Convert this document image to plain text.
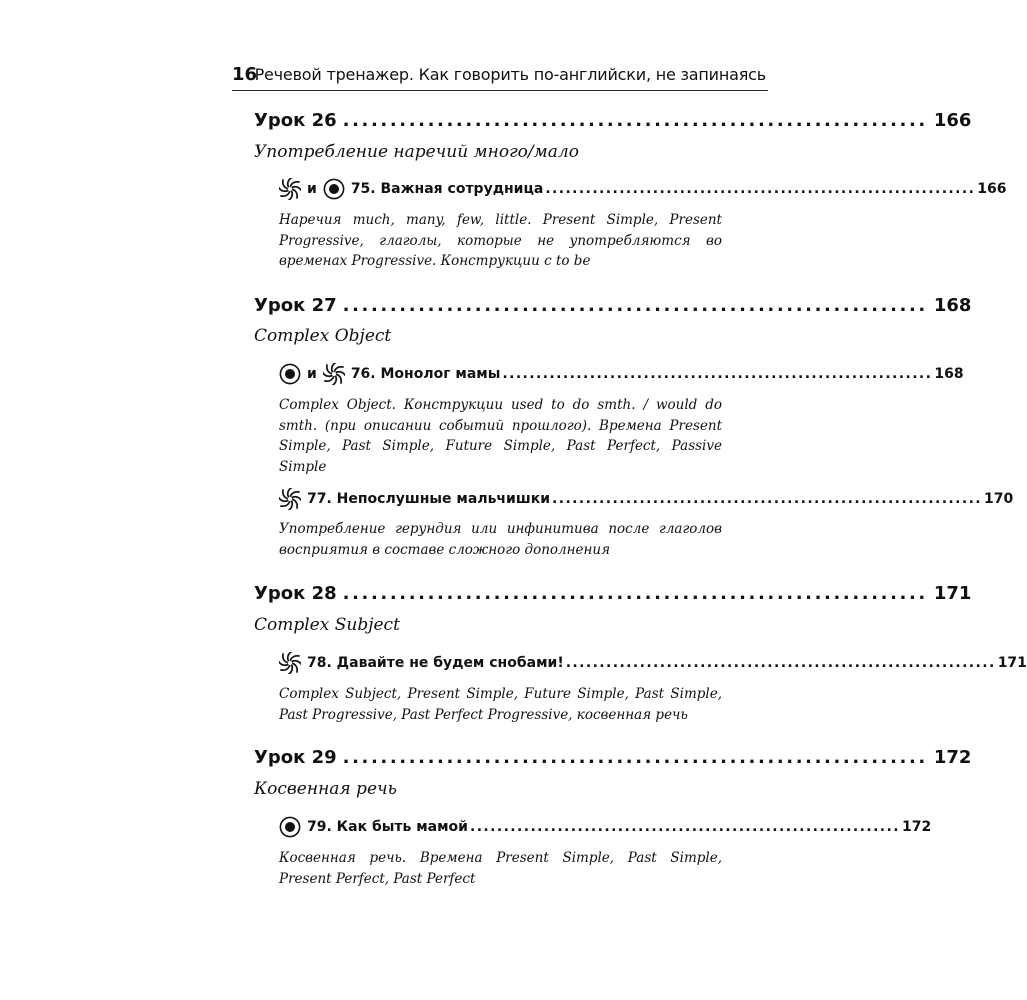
16
Речевой тренажер. Как говорить по-английски, не запинаясь
Урок 26 .............................................................. 166
Употребление наречий много/мало
и 75. Важная сотрудница ................................................................ 166
Наречия much, many, few, little. Present Simple, Present Progressive, глаголы, которые не употребляются во временах Progressive. Конструкции с to be
Урок 27 .............................................................. 168
Complex Object
и 76. Монолог мамы ................................................................ 168
Complex Object. Конструкции used to do smth. / would do smth. (при описании событий прошлого). Времена Present Simple, Past Simple, Future Simple, Past Perfect, Passive Simple
77. Непослушные мальчишки ................................................................ 170
Употребление герундия или инфинитива после глаголов восприятия в составе сложного дополнения
Урок 28 .............................................................. 171
Complex Subject
78. Давайте не будем снобами! ................................................................ 171
Complex Subject, Present Simple, Future Simple, Past Simple, Past Progressive, Past Perfect Progressive, косвенная речь
Урок 29 .............................................................. 172
Косвенная речь
79. Как быть мамой ................................................................ 172
Косвенная речь. Времена Present Simple, Past Simple, Present Perfect, Past Perfect
